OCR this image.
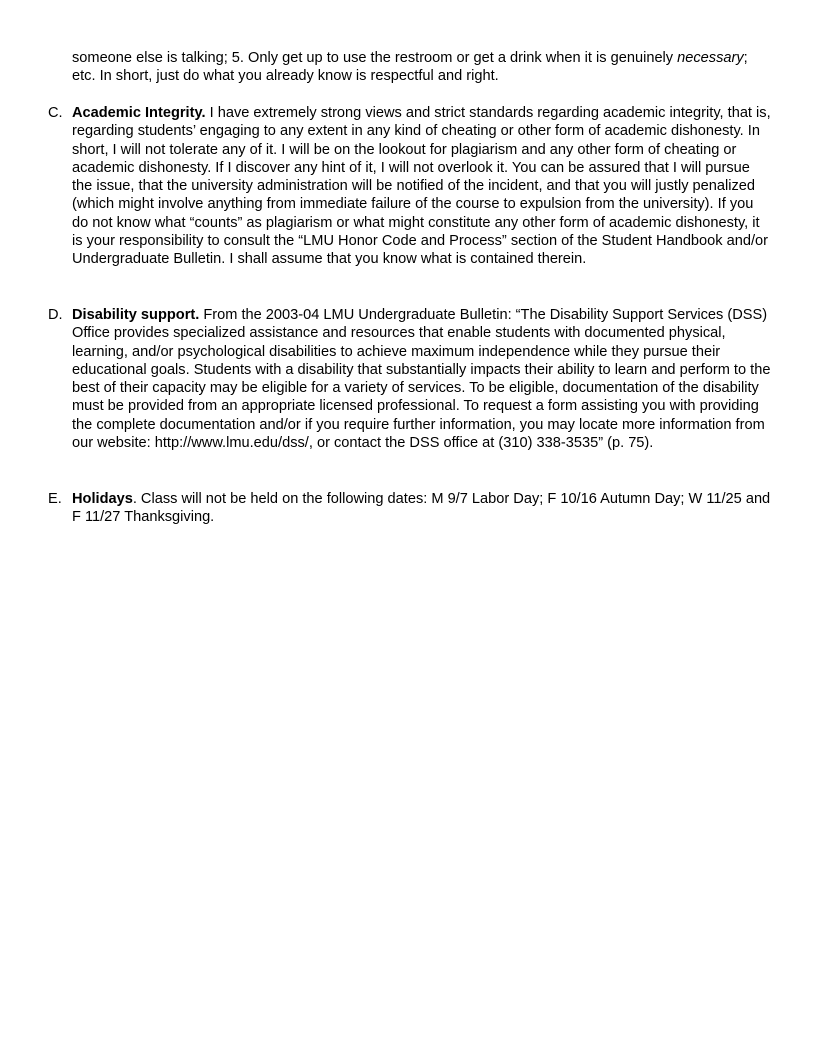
someone else is talking; 5. Only get up to use the restroom or get a drink when it is genuinely necessary; etc. In short, just do what you already know is respectful and right.

C. Academic Integrity. I have extremely strong views and strict standards regarding academic integrity, that is, regarding students’ engaging to any extent in any kind of cheating or other form of academic dishonesty. In short, I will not tolerate any of it. I will be on the lookout for plagiarism and any other form of cheating or academic dishonesty. If I discover any hint of it, I will not overlook it. You can be assured that I will pursue the issue, that the university administration will be notified of the incident, and that you will justly penalized (which might involve anything from immediate failure of the course to expulsion from the university). If you do not know what “counts” as plagiarism or what might constitute any other form of academic dishonesty, it is your responsibility to consult the “LMU Honor Code and Process” section of the Student Handbook and/or Undergraduate Bulletin. I shall assume that you know what is contained therein.

D. Disability support. From the 2003-04 LMU Undergraduate Bulletin: “The Disability Support Services (DSS) Office provides specialized assistance and resources that enable students with documented physical, learning, and/or psychological disabilities to achieve maximum independence while they pursue their educational goals. Students with a disability that substantially impacts their ability to learn and perform to the best of their capacity may be eligible for a variety of services. To be eligible, documentation of the disability must be provided from an appropriate licensed professional. To request a form assisting you with providing the complete documentation and/or if you require further information, you may locate more information from our website: http://www.lmu.edu/dss/, or contact the DSS office at (310) 338-3535” (p. 75).

E. Holidays. Class will not be held on the following dates: M 9/7 Labor Day; F 10/16 Autumn Day; W 11/25 and F 11/27 Thanksgiving.
